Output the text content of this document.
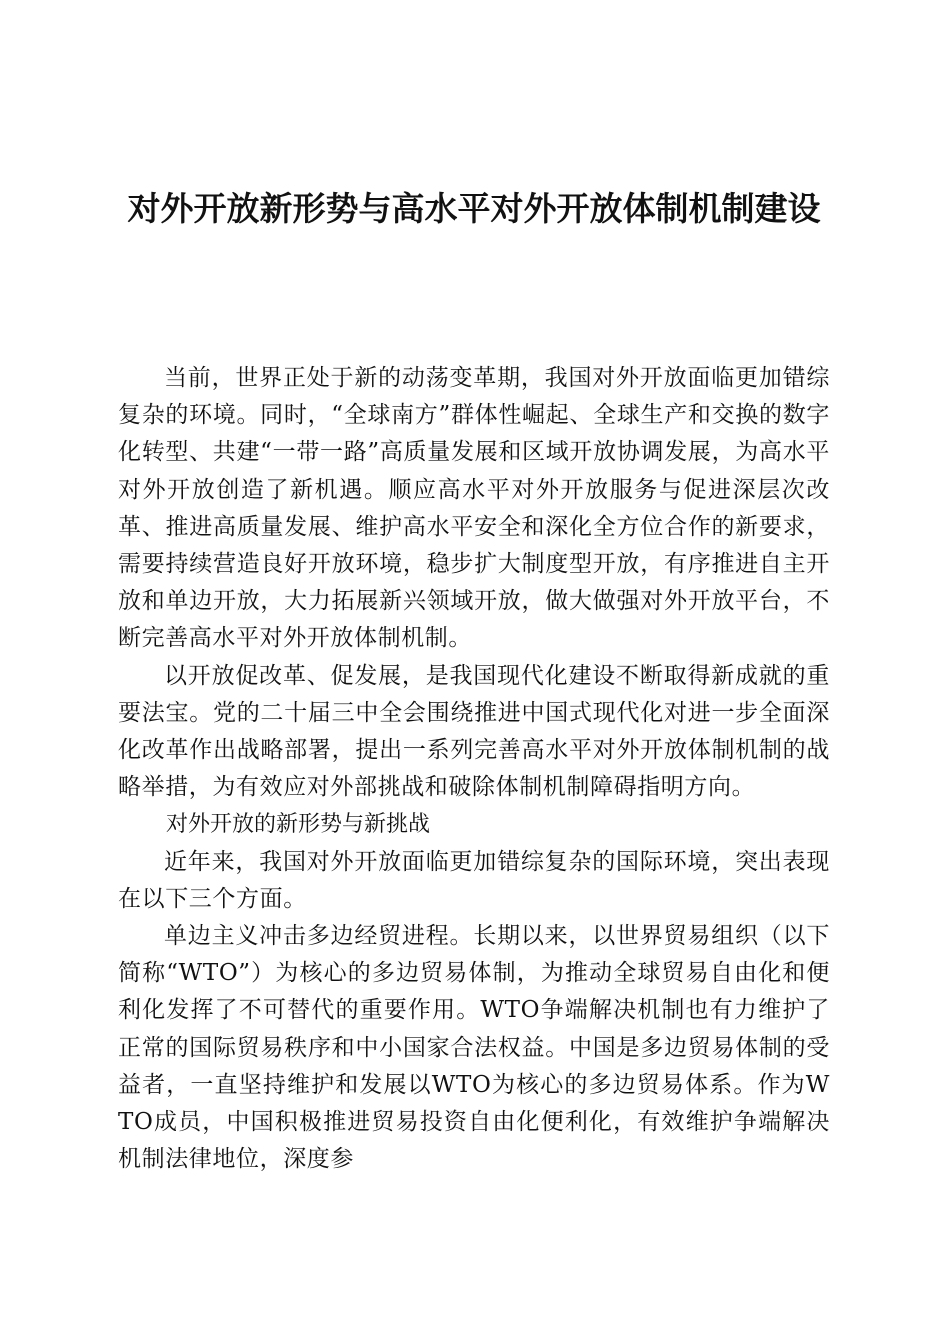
对外开放新形势与高水平对外开放体制机制建设

当前，世界正处于新的动荡变革期，我国对外开放面临更加错综复杂的环境。同时，“全球南方”群体性崛起、全球生产和交换的数字化转型、共建“一带一路”高质量发展和区域开放协调发展，为高水平对外开放创造了新机遇。顺应高水平对外开放服务与促进深层次改革、推进高质量发展、维护高水平安全和深化全方位合作的新要求，需要持续营造良好开放环境，稳步扩大制度型开放，有序推进自主开放和单边开放，大力拓展新兴领域开放，做大做强对外开放平台，不断完善高水平对外开放体制机制。

以开放促改革、促发展，是我国现代化建设不断取得新成就的重要法宝。党的二十届三中全会围绕推进中国式现代化对进一步全面深化改革作出战略部署，提出一系列完善高水平对外开放体制机制的战略举措，为有效应对外部挑战和破除体制机制障碍指明方向。

对外开放的新形势与新挑战

近年来，我国对外开放面临更加错综复杂的国际环境，突出表现在以下三个方面。

单边主义冲击多边经贸进程。长期以来，以世界贸易组织（以下简称“WTO”）为核心的多边贸易体制，为推动全球贸易自由化和便利化发挥了不可替代的重要作用。WTO争端解决机制也有力维护了正常的国际贸易秩序和中小国家合法权益。中国是多边贸易体制的受益者，一直坚持维护和发展以WTO为核心的多边贸易体系。作为WTO成员，中国积极推进贸易投资自由化便利化，有效维护争端解决机制法律地位，深度参
